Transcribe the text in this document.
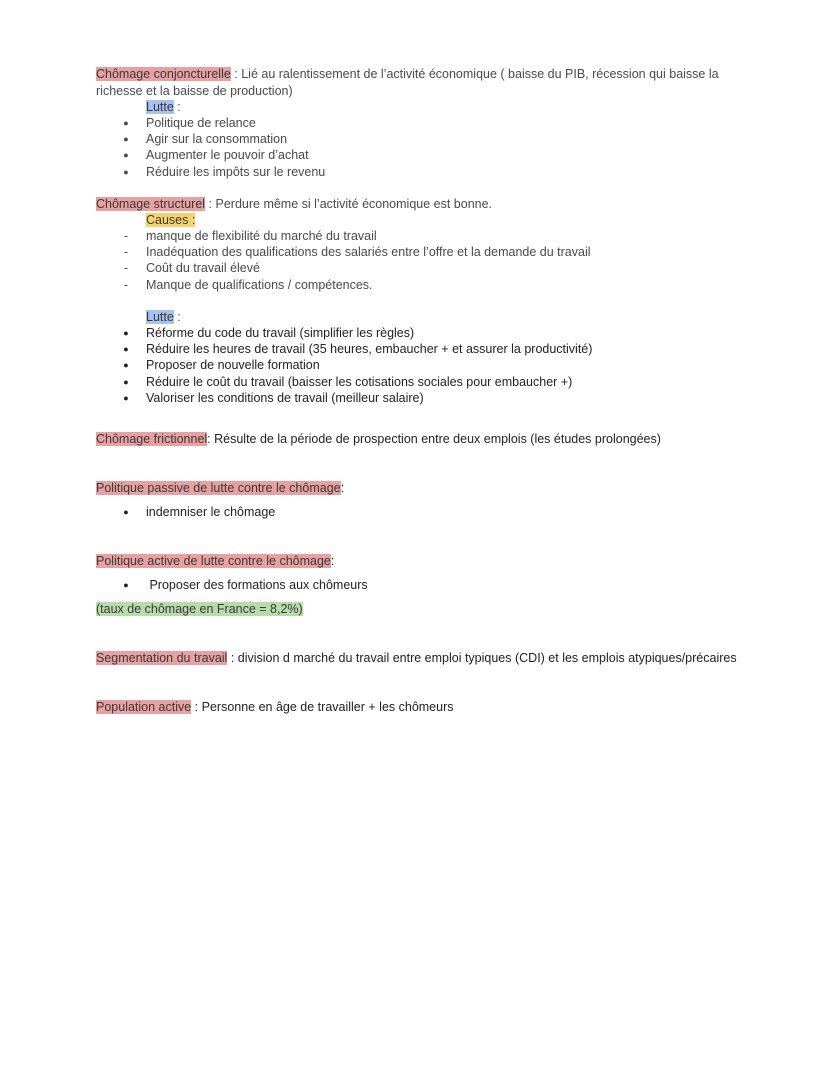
Chômage conjoncturelle : Lié au ralentissement de l’activité économique ( baisse du PIB, récession qui baisse la richesse et la baisse de production)

Lutte :
● Politique de relance
● Agir sur la consommation
● Augmenter le pouvoir d’achat
● Réduire les impôts sur le revenu

Chômage structurel : Perdure même si l’activité économique est bonne.

Causes :
- manque de flexibilité du marché du travail
- Inadéquation des qualifications des salariés entre l’offre et la demande du travail
- Coût du travail élevé
- Manque de qualifications / compétences.
Lutte :
● Réforme du code du travail (simplifier les règles)
● Réduire les heures de travail (35 heures, embaucher + et assurer la productivité)
● Proposer de nouvelle formation
● Réduire le coût du travail (baisser les cotisations sociales pour embaucher +)
● Valoriser les conditions de travail (meilleur salaire)

Chômage frictionnel: Résulte de la période de prospection entre deux emplois (les études prolongées)

Politique passive de lutte contre le chômage:

● indemniser le chômage

Politique active de lutte contre le chômage:

● Proposer des formations aux chômeurs

(taux de chômage en France = 8,2%)

Segmentation du travail : division d marché du travail entre emploi typiques (CDI) et les emplois atypiques/précaires

Population active : Personne en âge de travailler + les chômeurs
